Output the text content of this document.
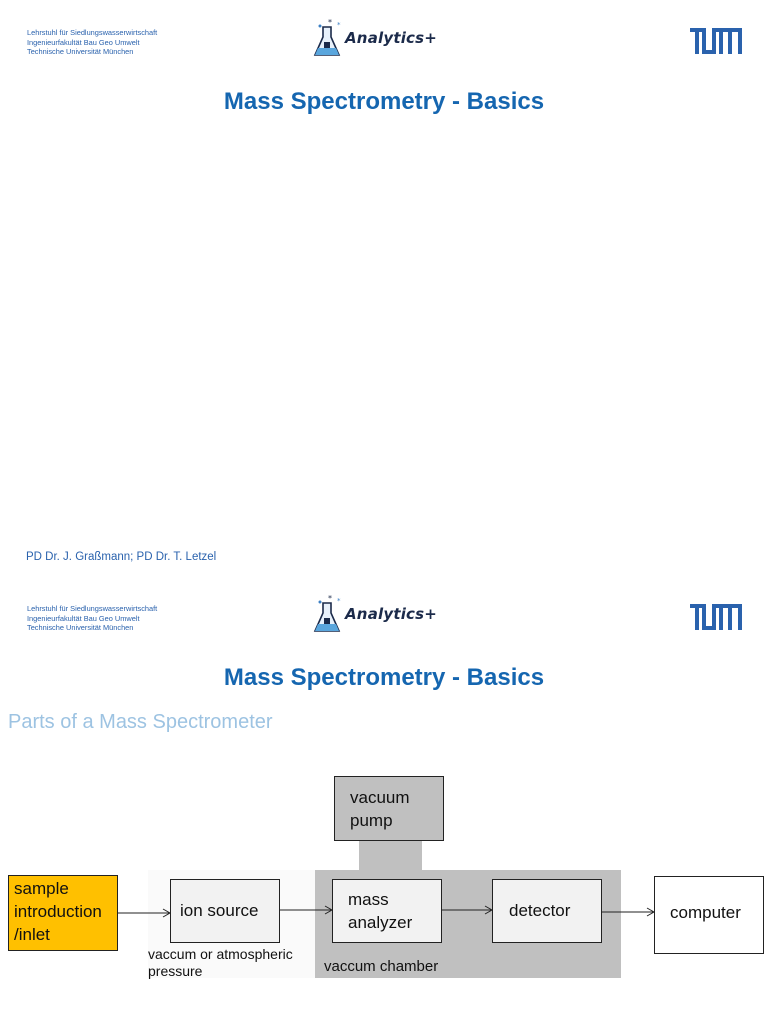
Lehrstuhl für Siedlungswasserwirtschaft
Ingenieurfakultät Bau Geo Umwelt
Technische Universität München
* *
Analytics+
Mass Spectrometry - Basics
PD Dr. J. Graßmann; PD Dr. T. Letzel
Lehrstuhl für Siedlungswasserwirtschaft
Ingenieurfakultät Bau Geo Umwelt
Technische Universität München
* *
Analytics+
Mass Spectrometry - Basics
Parts of a Mass Spectrometer
vacuum
pump
sample
introduction
/inlet
ion source
mass
analyzer
detector	computer
vaccum or atmospheric
pressure	vaccum chamber
